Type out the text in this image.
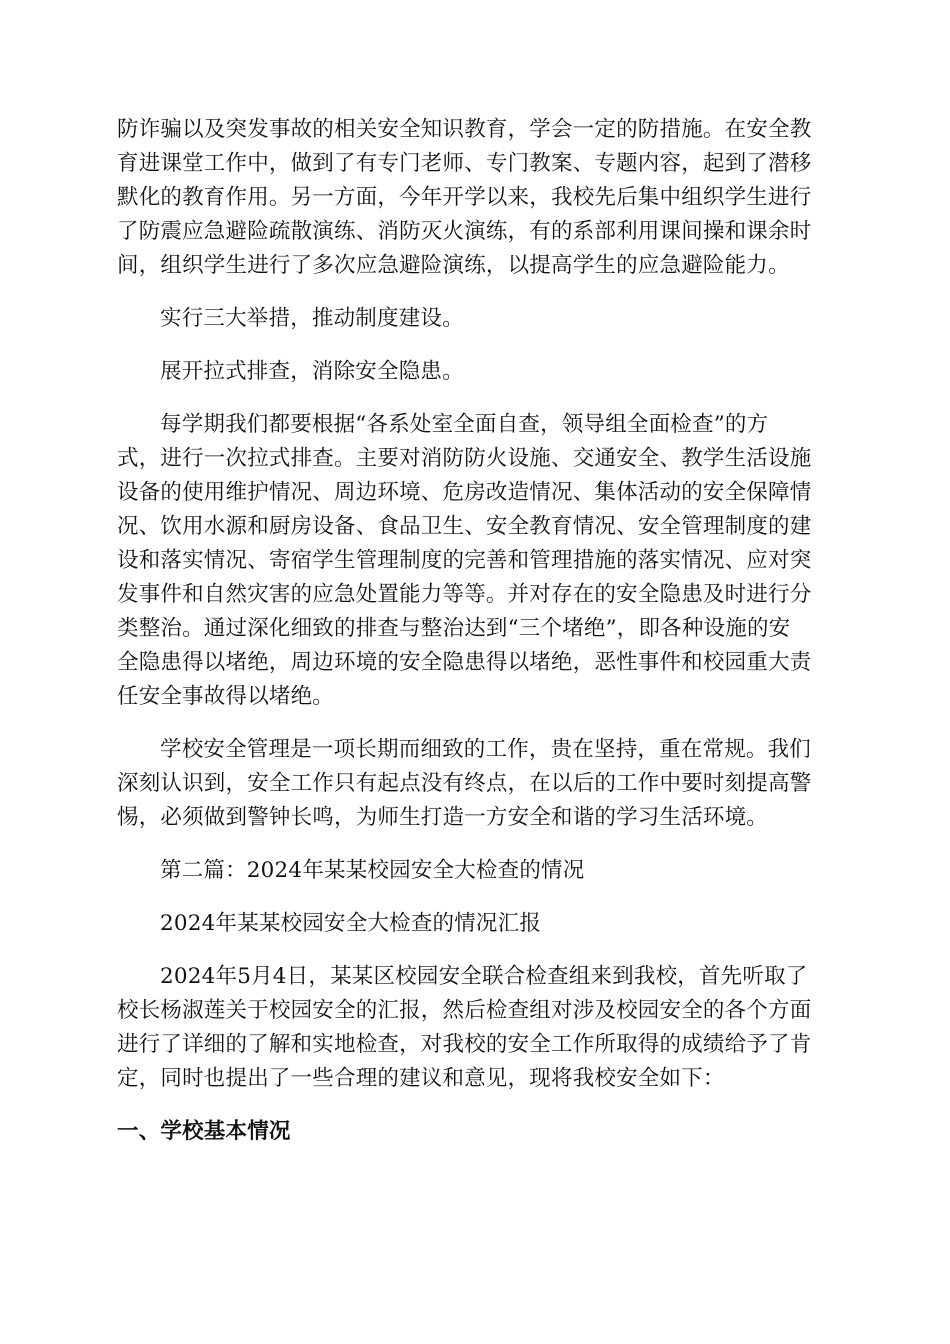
防诈骗以及突发事故的相关安全知识教育，学会一定的防措施。在安全教
育进课堂工作中，做到了有专门老师、专门教案、专题内容，起到了潜移
默化的教育作用。另一方面，今年开学以来，我校先后集中组织学生进行
了防震应急避险疏散演练、消防灭火演练，有的系部利用课间操和课余时
间，组织学生进行了多次应急避险演练，以提高学生的应急避险能力。

实行三大举措，推动制度建设。

展开拉式排查，消除安全隐患。

每学期我们都要根据“各系处室全面自查，领导组全面检查”的方
式，进行一次拉式排查。主要对消防防火设施、交通安全、教学生活设施
设备的使用维护情况、周边环境、危房改造情况、集体活动的安全保障情
况、饮用水源和厨房设备、食品卫生、安全教育情况、安全管理制度的建
设和落实情况、寄宿学生管理制度的完善和管理措施的落实情况、应对突
发事件和自然灾害的应急处置能力等等。并对存在的安全隐患及时进行分
类整治。通过深化细致的排查与整治达到“三个堵绝”，即各种设施的安
全隐患得以堵绝，周边环境的安全隐患得以堵绝，恶性事件和校园重大责
任安全事故得以堵绝。

学校安全管理是一项长期而细致的工作，贵在坚持，重在常规。我们
深刻认识到，安全工作只有起点没有终点，在以后的工作中要时刻提高警
惕，必须做到警钟长鸣，为师生打造一方安全和谐的学习生活环境。

第二篇：2024年某某校园安全大检查的情况

2024年某某校园安全大检查的情况汇报

2024年5月4日，某某区校园安全联合检查组来到我校，首先听取了
校长杨淑莲关于校园安全的汇报，然后检查组对涉及校园安全的各个方面
进行了详细的了解和实地检查，对我校的安全工作所取得的成绩给予了肯
定，同时也提出了一些合理的建议和意见，现将我校安全如下：

一、学校基本情况
